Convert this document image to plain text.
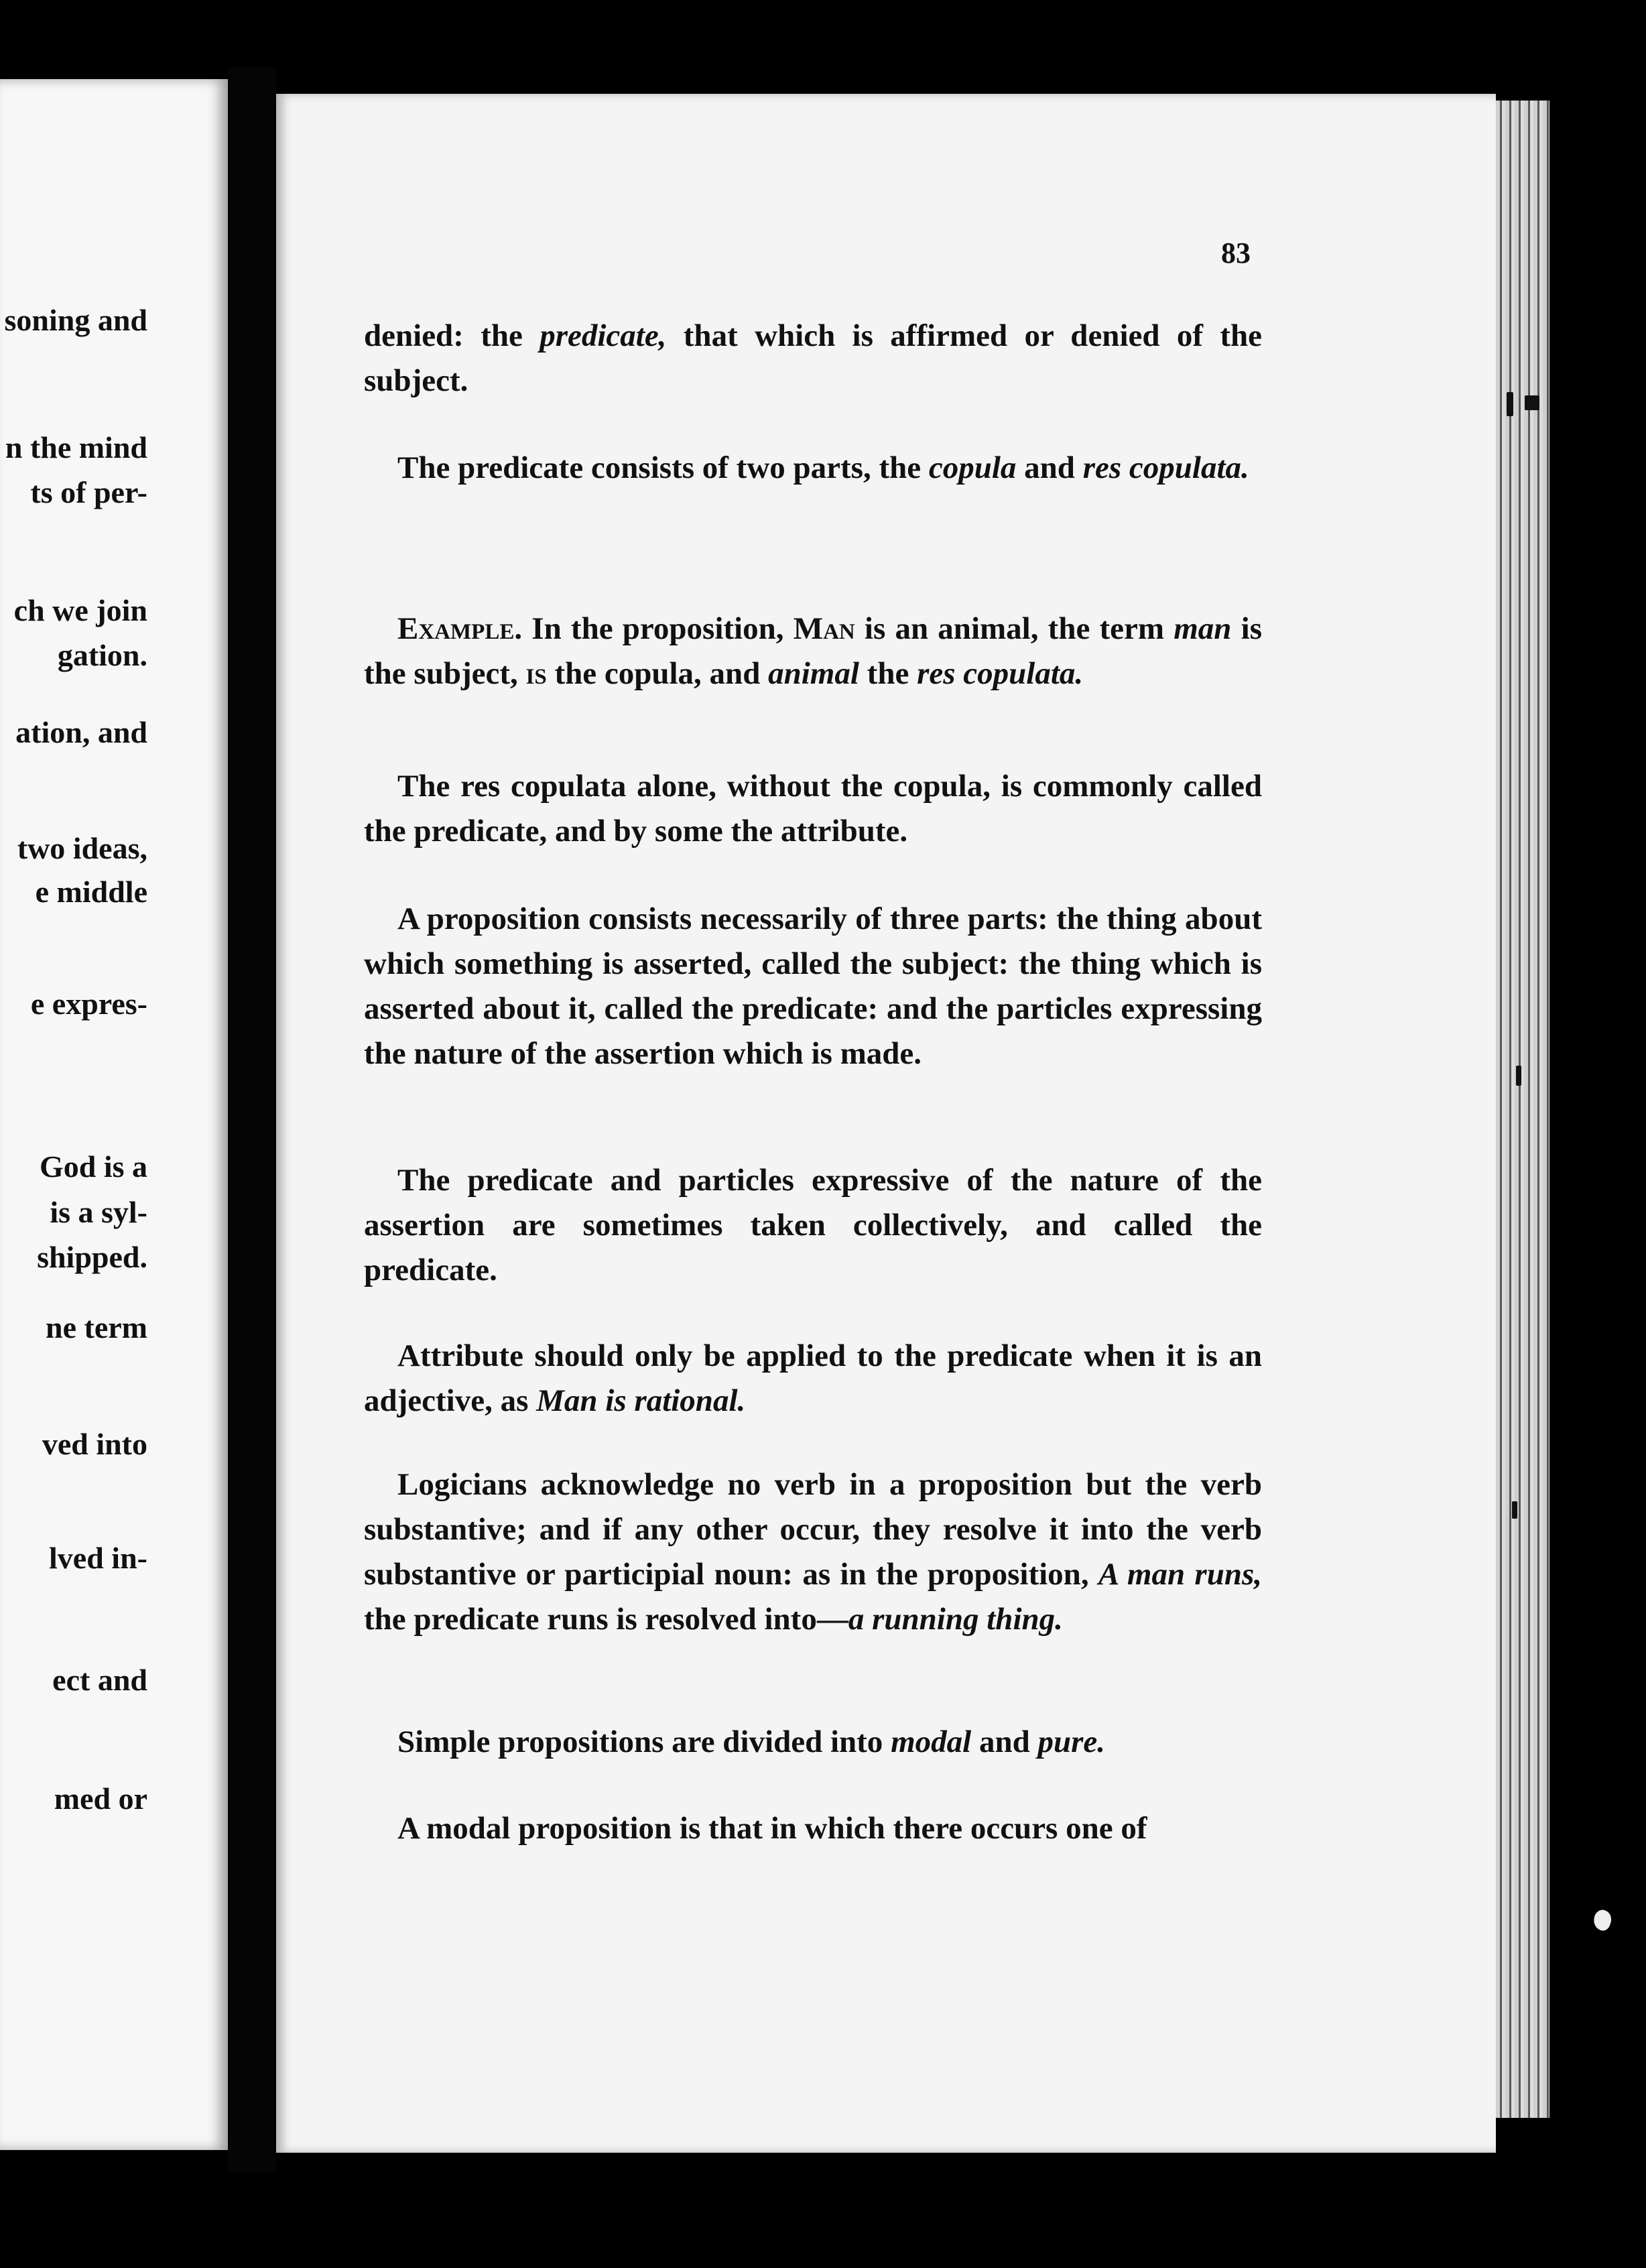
soning and
n the mind
ts of per-
ch we join
gation.
ation, and
two ideas,
e middle
e expres-
God is a
is a syl-
shipped.
ne term
ved into
lved in-
ect and
med or
83
denied: the predicate, that which is affirmed or denied of the subject.
The predicate consists of two parts, the copula and res copulata.
Example. In the proposition, Man is an animal, the term man is the subject, is the copula, and animal the res copulata.
The res copulata alone, without the copula, is commonly called the predicate, and by some the attribute.
A proposition consists necessarily of three parts: the thing about which something is asserted, called the subject: the thing which is asserted about it, called the predicate: and the particles expressing the nature of the assertion which is made.
The predicate and particles expressive of the nature of the assertion are sometimes taken collectively, and called the predicate.
Attribute should only be applied to the predicate when it is an adjective, as Man is rational.
Logicians acknowledge no verb in a proposition but the verb substantive; and if any other occur, they resolve it into the verb substantive or participial noun: as in the proposition, A man runs, the predicate runs is resolved into—a running thing.
Simple propositions are divided into modal and pure.
A modal proposition is that in which there occurs one of
